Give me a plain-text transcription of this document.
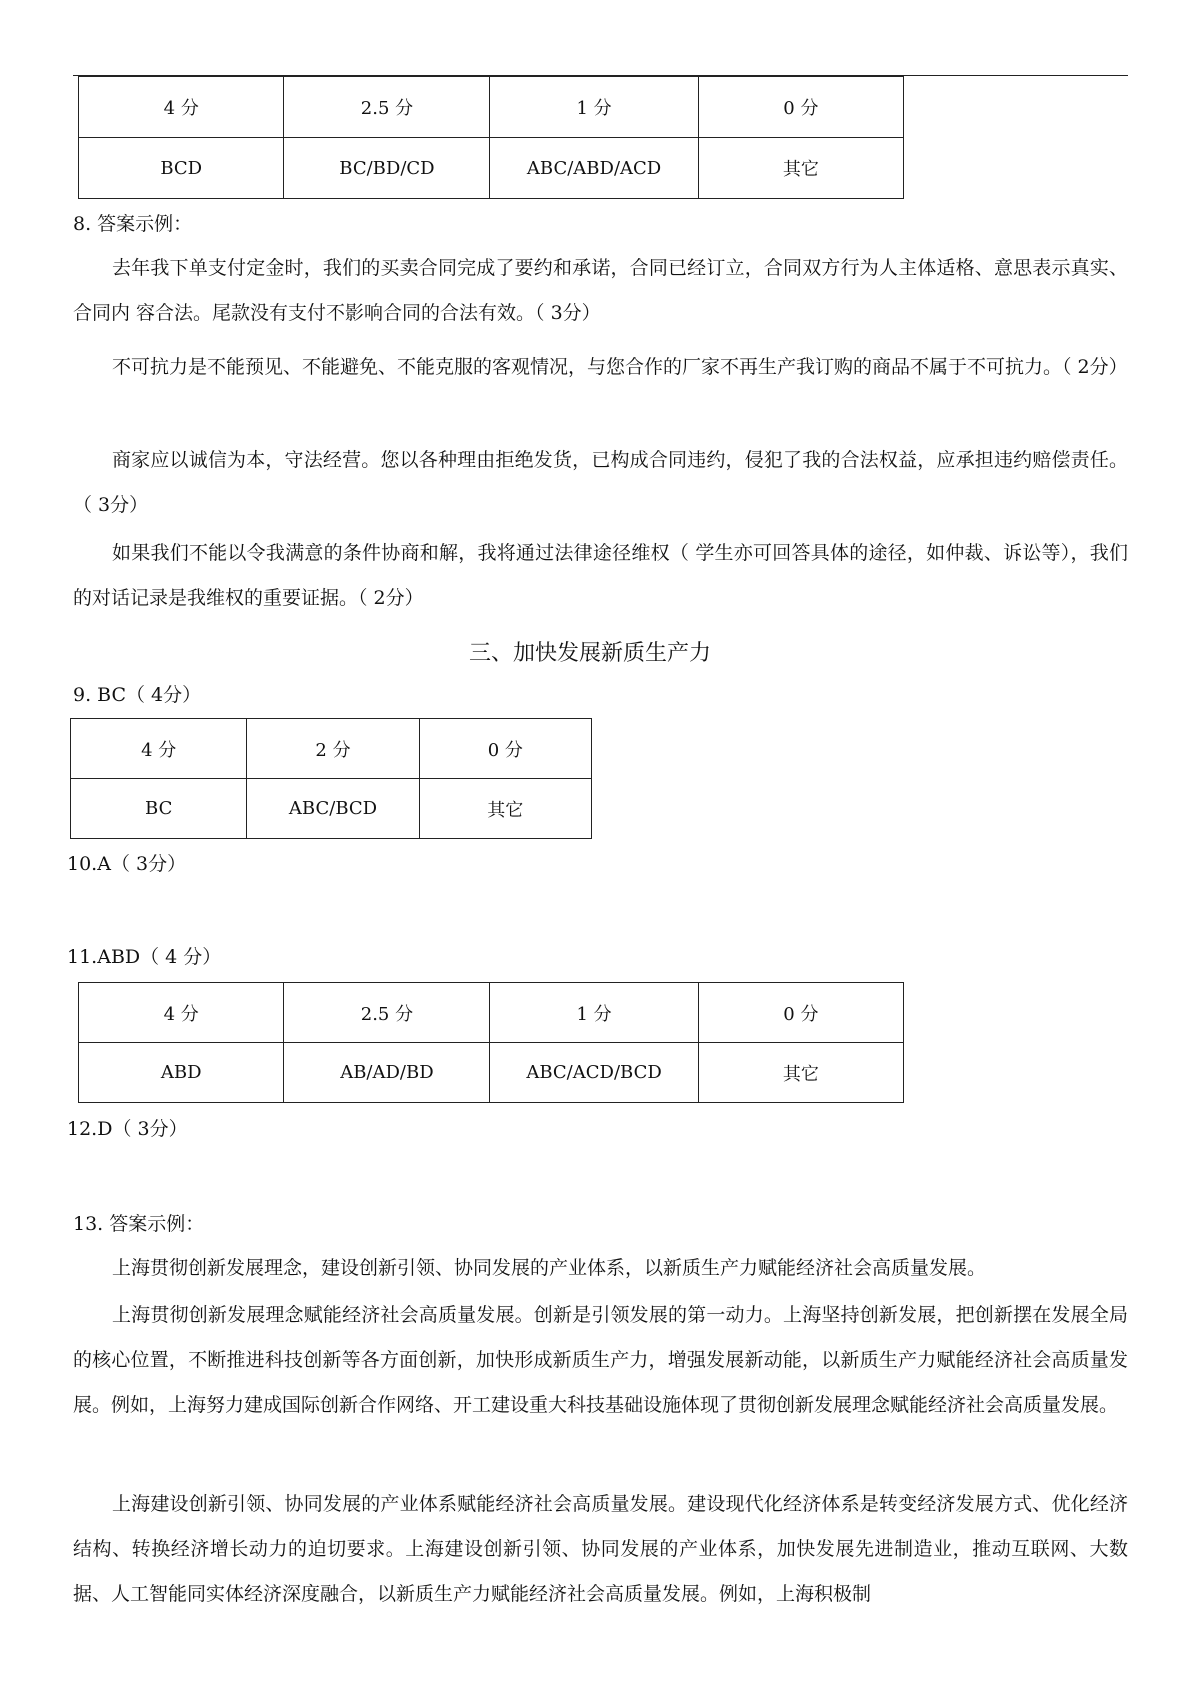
4 分	2.5 分	1 分	0 分
BCD	BC/BD/CD	ABC/ABD/ACD	其它
8. 答案示例：
去年我下单支付定金时，我们的买卖合同完成了要约和承诺，合同已经订立，合同双方行为人主体适格、意思表示真实、合同内 容合法。尾款没有支付不影响合同的合法有效。（ 3分）
不可抗力是不能预见、不能避免、不能克服的客观情况，与您合作的厂家不再生产我订购的商品不属于不可抗力。（ 2分）
商家应以诚信为本，守法经营。您以各种理由拒绝发货，已构成合同违约，侵犯了我的合法权益，应承担违约赔偿责任。（ 3分）
如果我们不能以令我满意的条件协商和解，我将通过法律途径维权（ 学生亦可回答具体的途径，如仲裁、诉讼等），我们的对话记录是我维权的重要证据。（ 2分）
三、加快发展新质生产力
9. BC（ 4分）
4 分	2 分	0 分
BC	ABC/BCD	其它
10.A（ 3分）
11.ABD（ 4 分）
4 分	2.5 分	1 分	0 分
ABD	AB/AD/BD	ABC/ACD/BCD	其它
12.D（ 3分）
13. 答案示例：
上海贯彻创新发展理念，建设创新引领、协同发展的产业体系，以新质生产力赋能经济社会高质量发展。
上海贯彻创新发展理念赋能经济社会高质量发展。创新是引领发展的第一动力。上海坚持创新发展，把创新摆在发展全局的核心位置，不断推进科技创新等各方面创新，加快形成新质生产力，增强发展新动能，以新质生产力赋能经济社会高质量发展。例如，上海努力建成国际创新合作网络、开工建设重大科技基础设施体现了贯彻创新发展理念赋能经济社会高质量发展。
上海建设创新引领、协同发展的产业体系赋能经济社会高质量发展。建设现代化经济体系是转变经济发展方式、优化经济结构、转换经济增长动力的迫切要求。上海建设创新引领、协同发展的产业体系，加快发展先进制造业，推动互联网、大数据、人工智能同实体经济深度融合，以新质生产力赋能经济社会高质量发展。例如，上海积极制
